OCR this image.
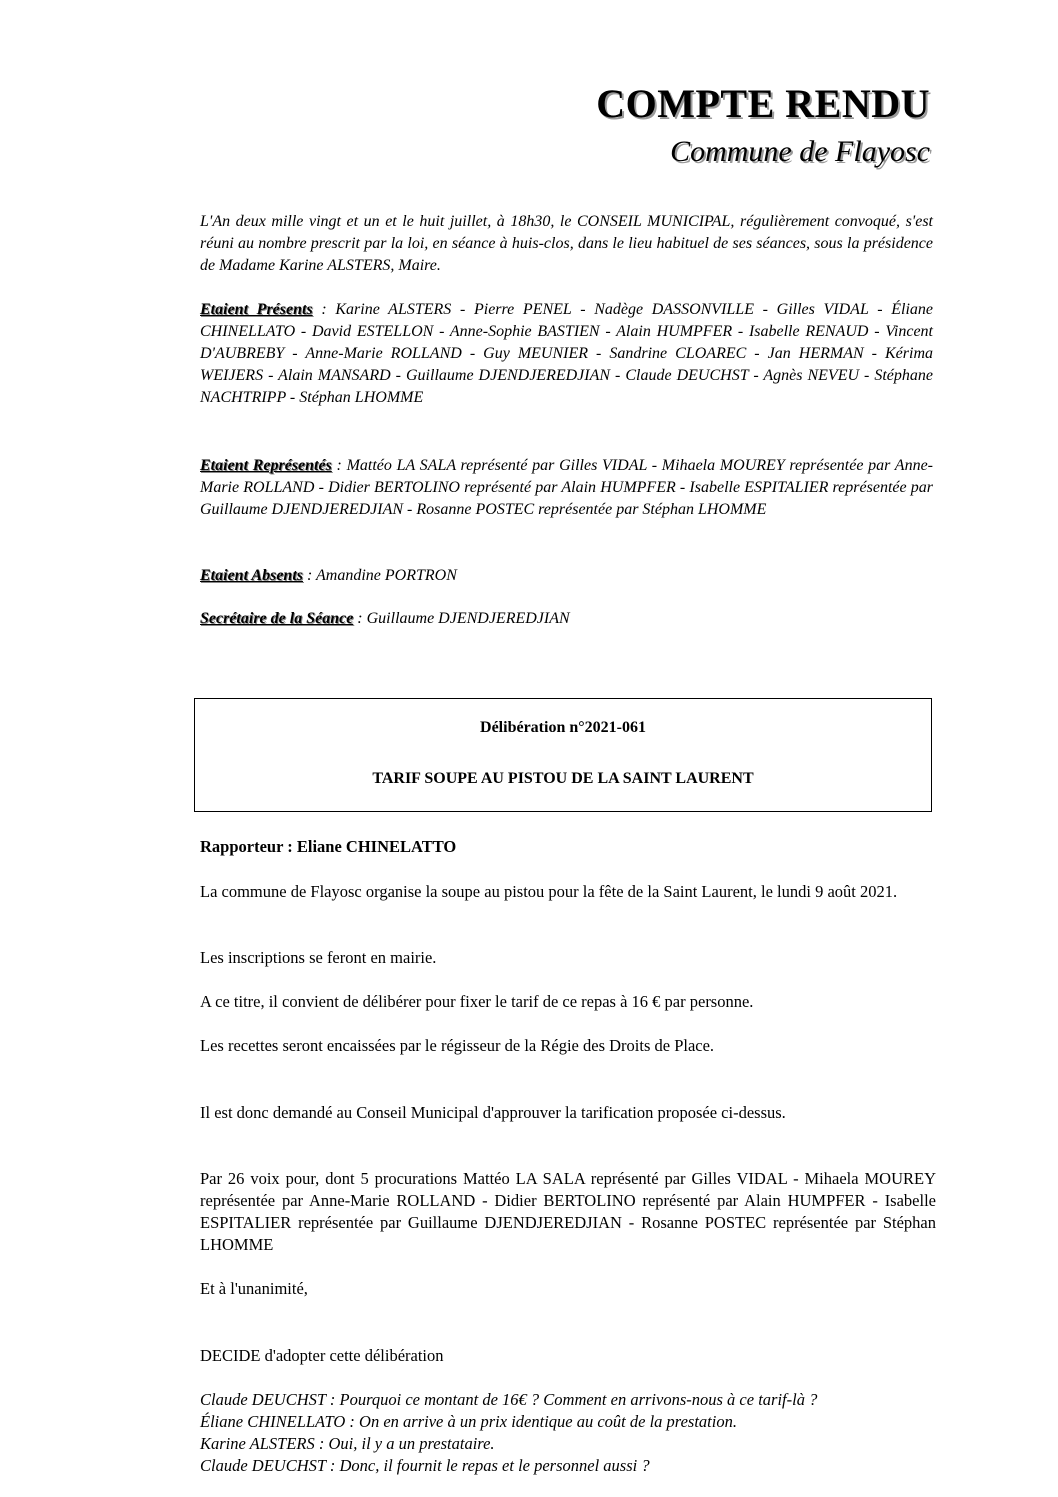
COMPTE RENDU
Commune de Flayosc
L'An deux mille vingt et un et le huit juillet, à 18h30, le CONSEIL MUNICIPAL, régulièrement convoqué, s'est réuni au nombre prescrit par la loi, en séance à huis-clos, dans le lieu habituel de ses séances, sous la présidence de Madame Karine ALSTERS, Maire.
Etaient Présents : Karine ALSTERS - Pierre PENEL - Nadège DASSONVILLE - Gilles VIDAL - Éliane CHINELLATO - David ESTELLON - Anne-Sophie BASTIEN - Alain HUMPFER - Isabelle RENAUD - Vincent D'AUBREBY - Anne-Marie ROLLAND - Guy MEUNIER - Sandrine CLOAREC - Jan HERMAN - Kérima WEIJERS - Alain MANSARD - Guillaume DJENDJEREDJIAN - Claude DEUCHST - Agnès NEVEU - Stéphane NACHTRIPP - Stéphan LHOMME
Etaient Représentés : Mattéo LA SALA représenté par Gilles VIDAL - Mihaela MOUREY représentée par Anne-Marie ROLLAND - Didier BERTOLINO représenté par Alain HUMPFER - Isabelle ESPITALIER représentée par Guillaume DJENDJEREDJIAN - Rosanne POSTEC représentée par Stéphan LHOMME
Etaient Absents : Amandine PORTRON
Secrétaire de la Séance : Guillaume DJENDJEREDJIAN
Délibération n°2021-061
TARIF SOUPE AU PISTOU DE LA SAINT LAURENT
Rapporteur : Eliane CHINELATTO
La commune de Flayosc organise la soupe au pistou pour la fête de la Saint Laurent, le lundi 9 août 2021.
Les inscriptions se feront en mairie.
A ce titre, il convient de délibérer pour fixer le tarif de ce repas à 16 € par personne.
Les recettes seront encaissées par le régisseur de la Régie des Droits de Place.
Il est donc demandé au Conseil Municipal d'approuver la tarification proposée ci-dessus.
Par 26 voix pour, dont 5 procurations Mattéo LA SALA représenté par Gilles VIDAL - Mihaela MOUREY représentée par Anne-Marie ROLLAND - Didier BERTOLINO représenté par Alain HUMPFER - Isabelle ESPITALIER représentée par Guillaume DJENDJEREDJIAN - Rosanne POSTEC représentée par Stéphan LHOMME
Et à l'unanimité,
DECIDE d'adopter cette délibération
Claude DEUCHST : Pourquoi ce montant de 16€ ? Comment en arrivons-nous à ce tarif-là ?
Éliane CHINELLATO : On en arrive à un prix identique au coût de la prestation.
Karine ALSTERS : Oui, il y a un prestataire.
Claude DEUCHST : Donc, il fournit le repas et le personnel aussi ?
